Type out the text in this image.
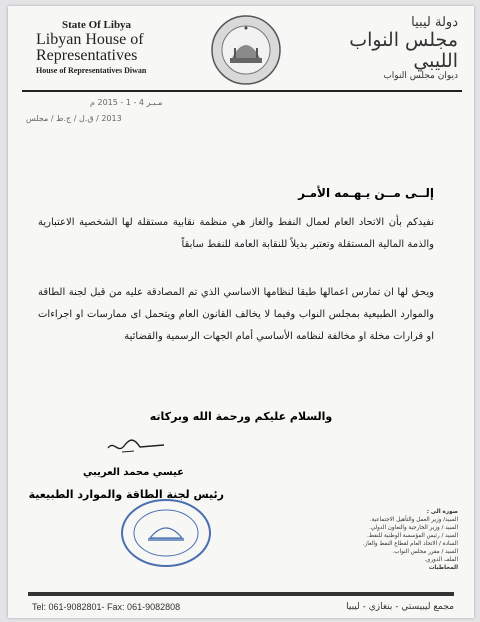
State Of Libya
Libyan House of
Representatives
House of Representatives Diwan
دولة ليبيا
مجلس النواب الليبي
ديوان مجلس النواب
مـبـر 4 - 1 - 2015 م
2013 / ق.ل / ج.ط / مجلس
إلــى مــن يـهـمه الأمـر
نفيدكم بأن الاتحاد العام لعمال النفط والغاز هي منظمة نقابية مستقلة لها الشخصية الاعتبارية والذمة المالية المستقلة وتعتبر بديلاً للنقابة العامة للنفط سابقاً
ويحق لها ان تمارس اعمالها طبقا لنظامها الاساسي الذي تم المصادقة عليه من قبل لجنة الطاقة والموارد الطبيعية بمجلس النواب وفيما لا يخالف القانون العام ويتحمل اى ممارسات او اجراءات او قرارات مخلة او مخالفة لنظامه الأساسي أمام الجهات الرسمية والقضائية
والسلام عليكم ورحمة الله وبركاته
عيسي محمد العريبي
رئيس لجنة الطاقة والموارد الطبيعية
صورة الى :
السيد/ وزير العمل والتأهيل الاجتماعية.
السيد / وزير الخارجية والتعاون الدولي.
السيد / رئيس المؤسسة الوطنية للنفط.
السادة / الاتحاد العام لقطاع النفط والغاز.
السيد / مقرر مجلس النواب.
الملف الدوري.
المخاطبات
Tel: 061-9082801- Fax: 061-9082808	مجمع ليبيستي - بنغازي - ليبيا
